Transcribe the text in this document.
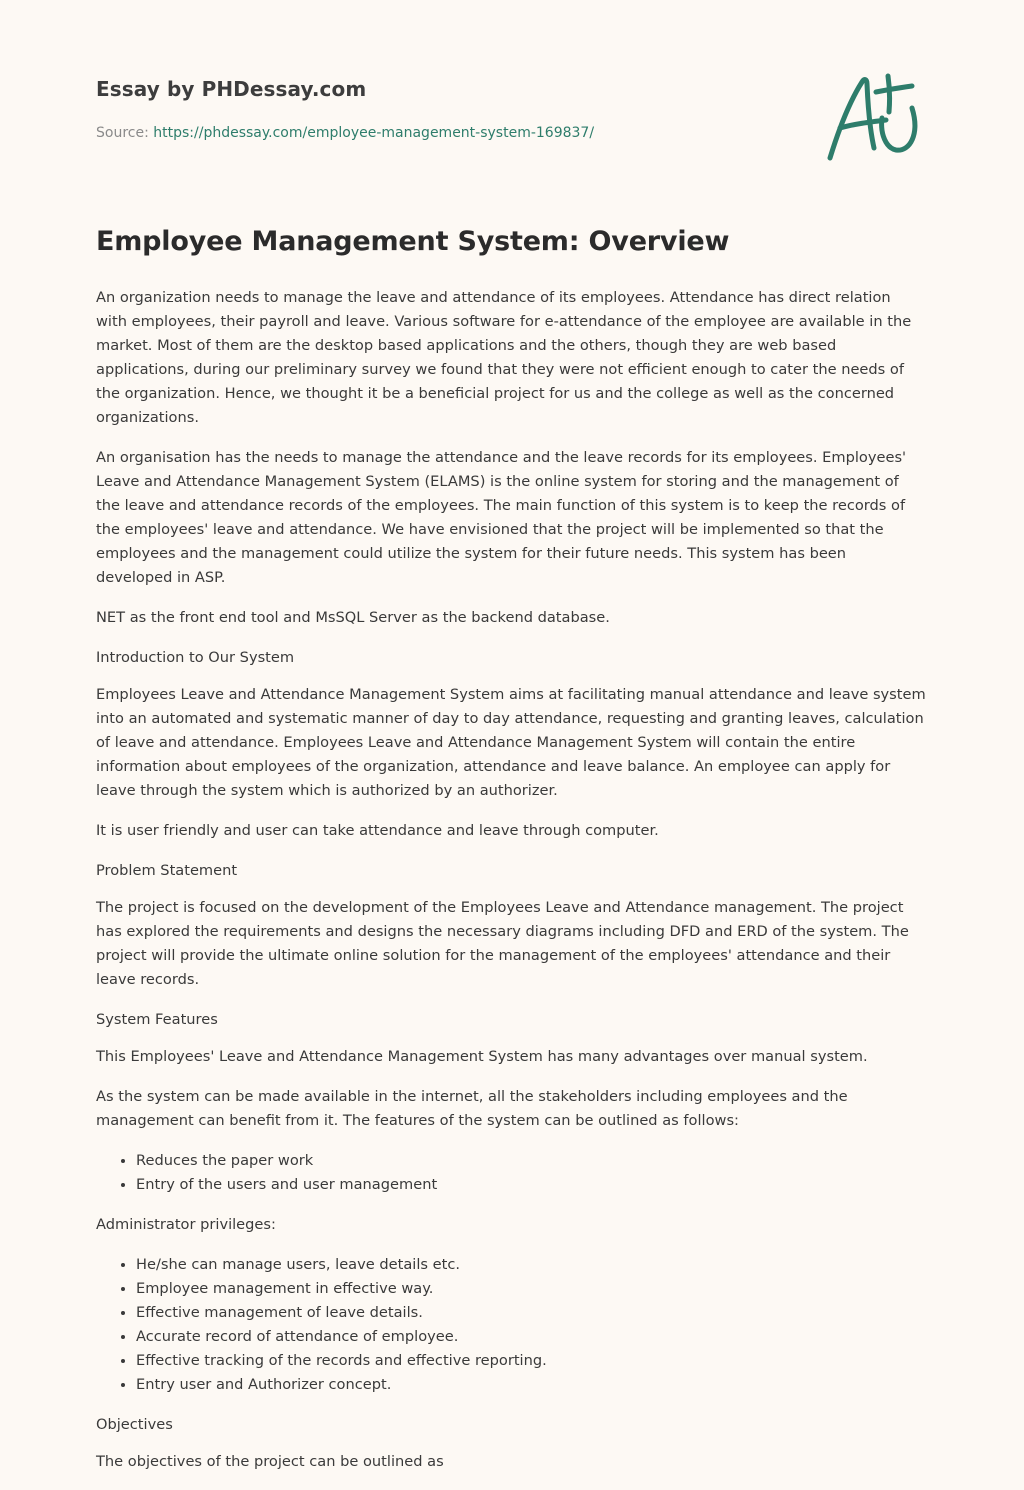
Essay by PHDessay.com
Source: https://phdessay.com/employee-management-system-169837/
Employee Management System: Overview

An organization needs to manage the leave and attendance of its employees. Attendance has direct relation with employees, their payroll and leave. Various software for e-attendance of the employee are available in the market. Most of them are the desktop based applications and the others, though they are web based applications, during our preliminary survey we found that they were not efficient enough to cater the needs of the organization. Hence, we thought it be a beneficial project for us and the college as well as the concerned organizations.

An organisation has the needs to manage the attendance and the leave records for its employees. Employees' Leave and Attendance Management System (ELAMS) is the online system for storing and the management of the leave and attendance records of the employees. The main function of this system is to keep the records of the employees' leave and attendance. We have envisioned that the project will be implemented so that the employees and the management could utilize the system for their future needs. This system has been developed in ASP.

NET as the front end tool and MsSQL Server as the backend database.

Introduction to Our System

Employees Leave and Attendance Management System aims at facilitating manual attendance and leave system into an automated and systematic manner of day to day attendance, requesting and granting leaves, calculation of leave and attendance. Employees Leave and Attendance Management System will contain the entire information about employees of the organization, attendance and leave balance. An employee can apply for leave through the system which is authorized by an authorizer.

It is user friendly and user can take attendance and leave through computer.

Problem Statement

The project is focused on the development of the Employees Leave and Attendance management. The project has explored the requirements and designs the necessary diagrams including DFD and ERD of the system. The project will provide the ultimate online solution for the management of the employees' attendance and their leave records.

System Features

This Employees' Leave and Attendance Management System has many advantages over manual system.

As the system can be made available in the internet, all the stakeholders including employees and the management can benefit from it. The features of the system can be outlined as follows:

• Reduces the paper work
• Entry of the users and user management

Administrator privileges:

• He/she can manage users, leave details etc.
• Employee management in effective way.
• Effective management of leave details.
• Accurate record of attendance of employee.
• Effective tracking of the records and effective reporting.
• Entry user and Authorizer concept.

Objectives

The objectives of the project can be outlined as
